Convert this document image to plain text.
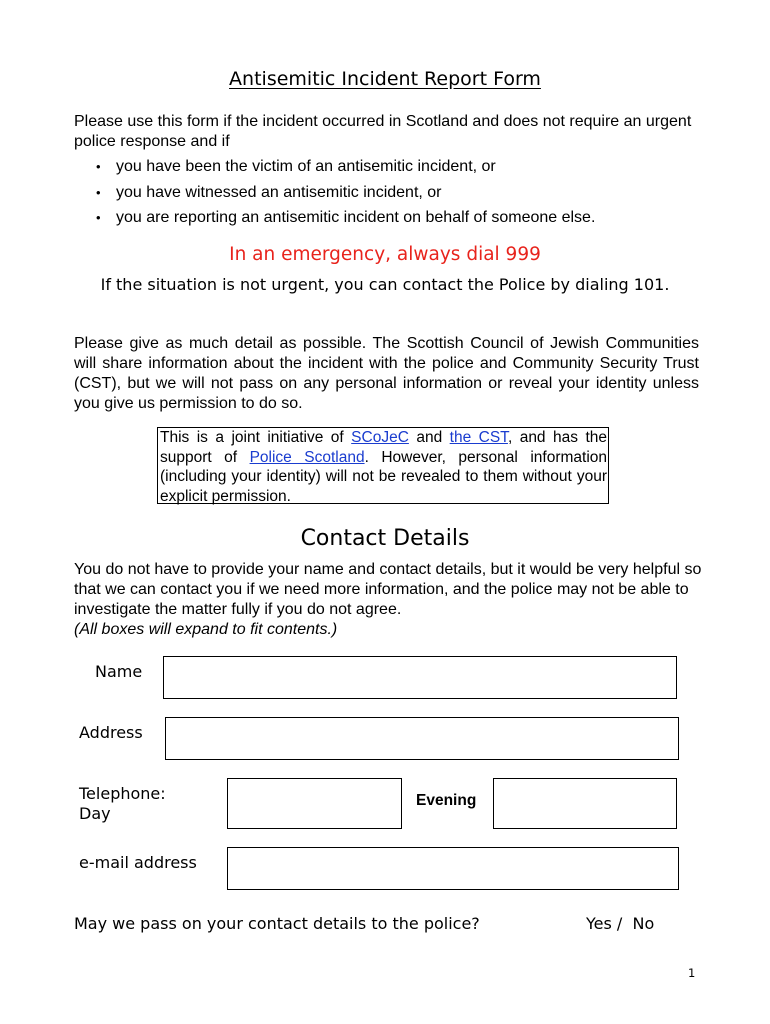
Antisemitic Incident Report Form
Please use this form if the incident occurred in Scotland and does not require an urgent police response and if
• you have been the victim of an antisemitic incident, or
• you have witnessed an antisemitic incident, or
• you are reporting an antisemitic incident on behalf of someone else.
In an emergency, always dial 999
If the situation is not urgent, you can contact the Police by dialing 101.
Please give as much detail as possible. The Scottish Council of Jewish Communities will share information about the incident with the police and Community Security Trust (CST), but we will not pass on any personal information or reveal your identity unless you give us permission to do so.
This is a joint initiative of SCoJeC and the CST, and has the support of Police Scotland. However, personal information (including your identity) will not be revealed to them without your explicit permission.
Contact Details
You do not have to provide your name and contact details, but it would be very helpful so that we can contact you if we need more information, and the police may not be able to investigate the matter fully if you do not agree.
(All boxes will expand to fit contents.)
Name
Address
Telephone:
Day
Evening
e-mail address
May we pass on your contact details to the police?	Yes /  No
1
